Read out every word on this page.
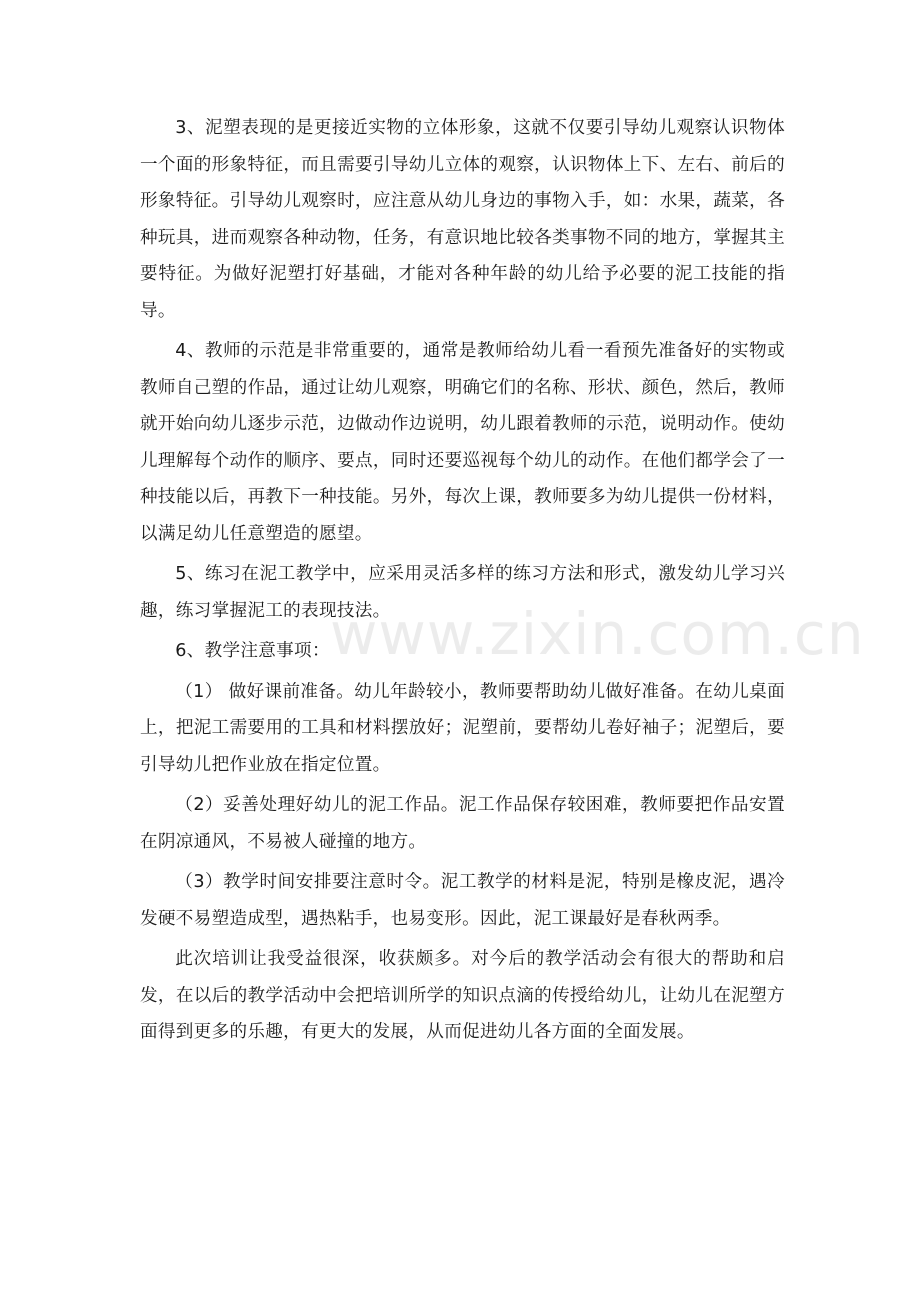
3、泥塑表现的是更接近实物的立体形象，这就不仅要引导幼儿观察认识物体一个面的形象特征，而且需要引导幼儿立体的观察，认识物体上下、左右、前后的形象特征。引导幼儿观察时，应注意从幼儿身边的事物入手，如：水果，蔬菜，各种玩具，进而观察各种动物，任务，有意识地比较各类事物不同的地方，掌握其主要特征。为做好泥塑打好基础，才能对各种年龄的幼儿给予必要的泥工技能的指导。

4、教师的示范是非常重要的，通常是教师给幼儿看一看预先准备好的实物或教师自己塑的作品，通过让幼儿观察，明确它们的名称、形状、颜色，然后，教师就开始向幼儿逐步示范，边做动作边说明，幼儿跟着教师的示范，说明动作。使幼儿理解每个动作的顺序、要点，同时还要巡视每个幼儿的动作。在他们都学会了一种技能以后，再教下一种技能。另外，每次上课，教师要多为幼儿提供一份材料，以满足幼儿任意塑造的愿望。

5、练习在泥工教学中，应采用灵活多样的练习方法和形式，激发幼儿学习兴趣，练习掌握泥工的表现技法。

6、教学注意事项：

（1） 做好课前准备。幼儿年龄较小，教师要帮助幼儿做好准备。在幼儿桌面上，把泥工需要用的工具和材料摆放好；泥塑前，要帮幼儿卷好袖子；泥塑后，要引导幼儿把作业放在指定位置。

（2）妥善处理好幼儿的泥工作品。泥工作品保存较困难，教师要把作品安置在阴凉通风，不易被人碰撞的地方。

（3）教学时间安排要注意时令。泥工教学的材料是泥，特别是橡皮泥，遇冷发硬不易塑造成型，遇热粘手，也易变形。因此，泥工课最好是春秋两季。

此次培训让我受益很深，收获颇多。对今后的教学活动会有很大的帮助和启发，在以后的教学活动中会把培训所学的知识点滴的传授给幼儿，让幼儿在泥塑方面得到更多的乐趣，有更大的发展，从而促进幼儿各方面的全面发展。

www.zixin.com.cn
